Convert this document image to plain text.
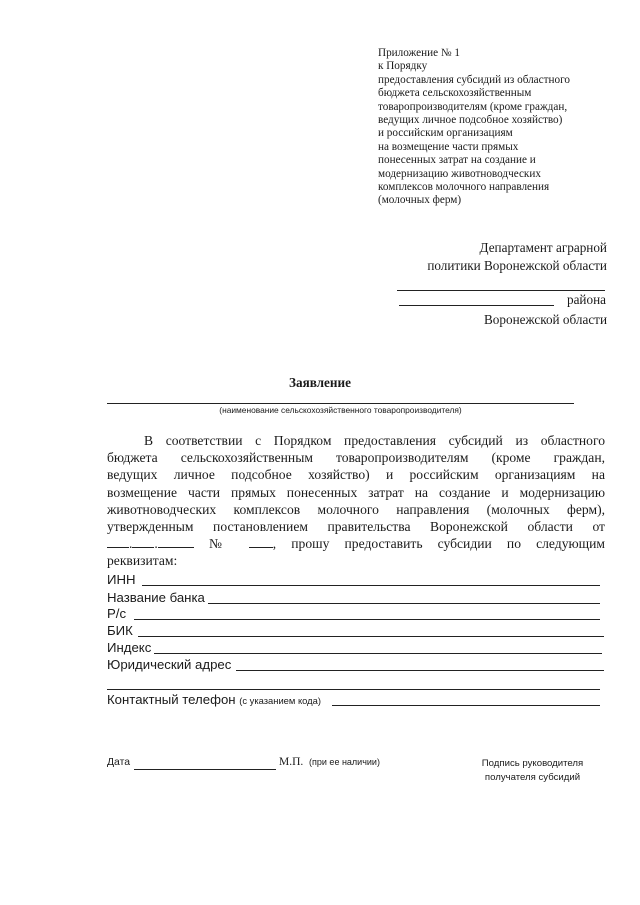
Приложение № 1
к Порядку
предоставления субсидий из областного
бюджета сельскохозяйственным
товаропроизводителям (кроме граждан,
ведущих личное подсобное хозяйство)
и российским организациям
на возмещение части прямых
понесенных затрат на создание и
модернизацию животноводческих
комплексов молочного направления
(молочных ферм)
Департамент аграрной
политики Воронежской области
района
Воронежской области
Заявление
(наименование сельскохозяйственного товаропроизводителя)
В соответствии с Порядком предоставления субсидий из областного
бюджета сельскохозяйственным товаропроизводителям (кроме граждан,
ведущих личное подсобное хозяйство) и российским организациям на
возмещение части прямых понесенных затрат на создание и модернизацию
животноводческих комплексов молочного направления (молочных ферм),
утвержденным постановлением правительства Воронежской области от
. .	№	, прошу предоставить субсидии по следующим
реквизитам:
ИНН
Название банка
Р/с
БИК
Индекс
Юридический адрес
Контактный телефон (с указанием кода)
Дата	М.П. (при ее наличии)	Подпись руководителя
получателя субсидий
